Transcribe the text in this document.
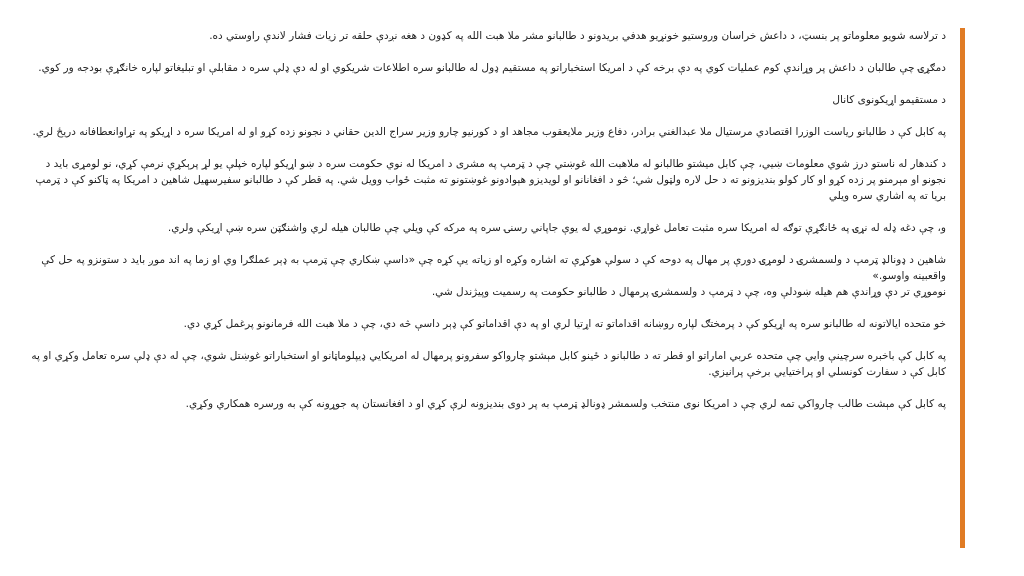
د ترلاسه شویو معلوماتو پر بنسټ، د داعش خراسان وروستیو خونړیو هدفي بریدونو د طالبانو مشر ملا هبت الله په کډون د هغه نږدې حلقه تر زیات فشار لاندې راوستي ده.

دمګړۍ چې طالبان د داعش پر وړاندې کوم عملیات کوي په دې برخه کې د امریکا استخباراتو په مستقیم ډول له طالبانو سره اطلاعات شریکوي او له دې ډلې سره د مقابلې او تبلیغاتو لپاره خانګړې بودجه ور کوي.

د مستقیمو اړیکونوی کانال

په کابل کې د طالبانو ریاست الوزرا اقتصادي مرستیال ملا عبدالغني برادر، دفاع وزیر ملایعقوب مجاهد او د کورنیو چارو وزیر سراج الدین حقاني د نجونو زده کړو او له امریکا سره د اړیکو په تړاوانعطافانه دریځ لري.

د کندهار له ناستو درز شوي معلومات ښيي، چې کابل میشتو طالبانو له ملاهبت الله غوښتي چې د ټرمپ په مشری د امریکا له نوي حکومت سره د ښو اړیکو لپاره خپلې یو لړ پرېکړې نرمې کړي، نو لومړی باید د نجونو او مېرمنو پر زده کړو او کار کولو بندیزونو ته د حل لاره ولټول شي؛ څو د افغانانو او لویدیزو هېوادونو غوښتونو ته مثبت ځواب وویل شي. په قطر کې د طالبانو سفیرسهیل شاهین د امریکا په ټاکنو کې د ټرمپ بریا ته په اشاري سره ویلي

و، چې دغه ډله له نړۍ په ځانګړې توګه له امریکا سره مثبت تعامل غواړي. نوموړي له یوې جاپاني رسنۍ سره په مرکه کې ویلي چې طالبان هیله لري واشنګټن سره ښې اړیکې ولري.

شاهین د ډونالډ ټرمپ د ولسمشرۍ د لومړۍ دورې پر مهال په دوحه کې د سولې هوکړې ته اشاره وکړه او زیاته یې کړه چې «داسې ښکاري چې ټرمپ به ډېر عملګرا وي او زما په اند موږ باید د ستونزو په حل کې واقعبینه واوسو.»

نوموړي تر دې وړاندې هم هیله ښودلې وه، چې د ټرمپ د ولسمشرۍ پرمهال د طالبانو حکومت په رسمیت وپیژندل شي.

خو متحده ایالاتونه له طالبانو سره په اړیکو کې د پرمختګ لپاره روښانه اقداماتو ته اړتیا لري او په دې اقداماتو کې ډېر داسې څه دي، چې د ملا هبت الله فرمانونو پرغمل کړي دي.

په کابل کې باخبره سرچینې وايي چې متحده عربي اماراتو او قطر ته د طالبانو د ځینو کابل مېشتو چارواکو سفرونو پرمهال له امریکايي ډیپلوماټانو او استخباراتو غوښتل شوي، چې له دې ډلې سره تعامل وکړي او په کابل کې د سفارت کونسلي او پراختیايي برخې پرانیزي.

په کابل کې مېشت طالب چارواکي تمه لري چې د امریکا نوی منتخب ولسمشر ډونالډ ټرمپ به پر دوی بندیزونه لرې کړي او د افغانستان په جوړونه کې به ورسره همکاري وکړي.
